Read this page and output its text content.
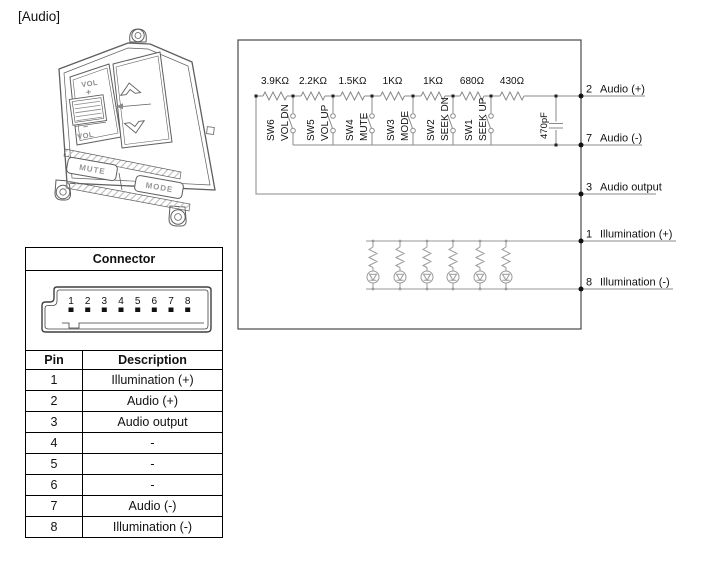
[Audio]
VOL
+
–
VOL
MUTE
MODE
3.9KΩ 2.2KΩ 1.5KΩ 1KΩ 1KΩ 680Ω 430Ω
SW6 VOL DN SW5 VOL UP SW4 MUTE SW3 MODE SW2 SEEK DN SW1 SEEK UP	470pF
2 Audio (+)
7 Audio (-)
3 Audio output
1 Illumination (+)
8 Illumination (-)
Connector
1 2 3 4 5 6 7 8
Pin	Description
1	Illumination (+)
2	Audio (+)
3	Audio output
4	-
5	-
6	-
7	Audio (-)
8	Illumination (-)
